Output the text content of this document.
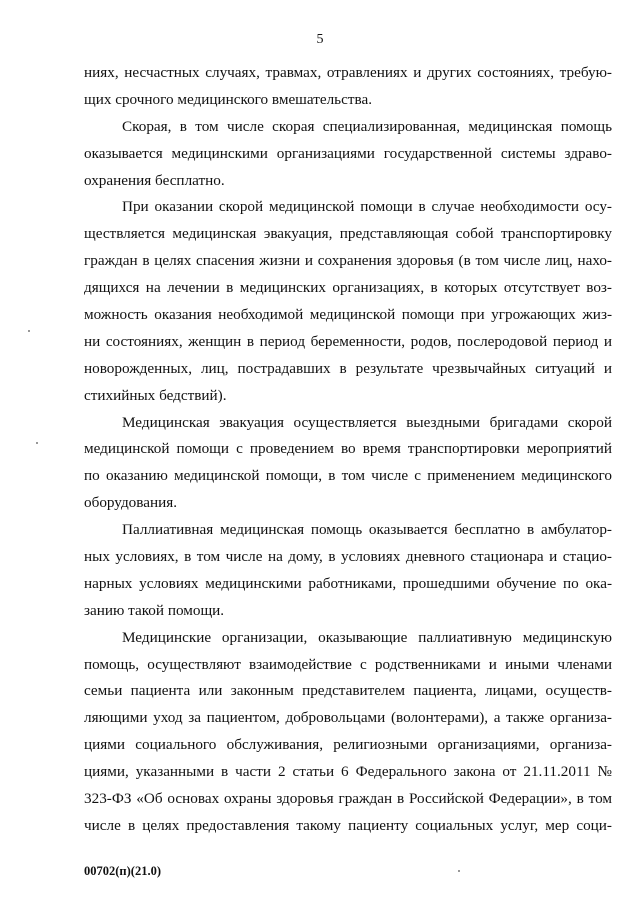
5
ниях, несчастных случаях, травмах, отравлениях и других состояниях, требую-
щих срочного медицинского вмешательства.
Скорая, в том числе скорая специализированная, медицинская помощь
оказывается медицинскими организациями государственной системы здраво-
охранения бесплатно.
При оказании скорой медицинской помощи в случае необходимости осу-
ществляется медицинская эвакуация, представляющая собой транспортировку
граждан в целях спасения жизни и сохранения здоровья (в том числе лиц, нахо-
дящихся на лечении в медицинских организациях, в которых отсутствует воз-
можность оказания необходимой медицинской помощи при угрожающих жиз-
ни состояниях, женщин в период беременности, родов, послеродовой период и
новорожденных, лиц, пострадавших в результате чрезвычайных ситуаций и
стихийных бедствий).
Медицинская эвакуация осуществляется выездными бригадами скорой
медицинской помощи с проведением во время транспортировки мероприятий
по оказанию медицинской помощи, в том числе с применением медицинского
оборудования.
Паллиативная медицинская помощь оказывается бесплатно в амбулатор-
ных условиях, в том числе на дому, в условиях дневного стационара и стацио-
нарных условиях медицинскими работниками, прошедшими обучение по ока-
занию такой помощи.
Медицинские организации, оказывающие паллиативную медицинскую
помощь, осуществляют взаимодействие с родственниками и иными членами
семьи пациента или законным представителем пациента, лицами, осуществ-
ляющими уход за пациентом, добровольцами (волонтерами), а также организа-
циями социального обслуживания, религиозными организациями, организа-
циями, указанными в части 2 статьи 6 Федерального закона от 21.11.2011 №
323-ФЗ «Об основах охраны здоровья граждан в Российской Федерации», в том
числе в целях предоставления такому пациенту социальных услуг, мер соци-
00702(п)(21.0)
